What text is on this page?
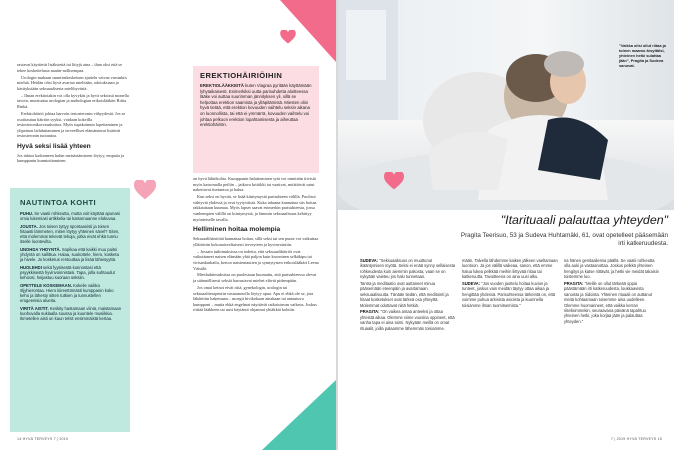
rastavat käyttävät lisäksiettä tai liityjä aina – ihan oksi että se tekee koskettelusta naatin-nollisempaa.

Urologin mukaan suuntiaskeskeinen ajattelu vaivaa varsinkin miehiä. Heidän olisi hyvä avartaa mielitään, odotuksiaan ja käsityksiään seksuaalisesta mielihyvästä.

– Ilman erektiotakin voi olla kyvykäs ja hyvä seksissä monella tavoin, muistuttaa urologian ja andrologian erikoislääkäri Riitta Rinkä.

Erektiohäiriö johtaa harvoin testosteronin vähyydestä. Jos se osoittautuu häiriön syyksi, voidaan kokeilla testosteronikorvaushoitoa. Myös tupakoinnin lopettaminen ja ylipainon laihduttaminen ja terveelliset elämäntavat lisäävät testosteronin tuotantoa.

Hyvä seksi lisää yhteen

Jos tahtoa kadonneen halun metsästämiseen löytyy, empatia ja kumppanin kunnioittaminen

NAUTINTOA KOHTI
PUHU. Se vaatii rohkeutta, mutta voit käyttää apunasi omia lukemiasi artikkelia tai katsomaanne elokuvaa.
JOUSTA. Jos toisen tyttyy spontaanisti ja toisen hitaasti lämmeten, miten löytyy yhteinen sävel? Siten, että molemmat tekevät tekoja, jotka eivät ehkä tunnu itselle luontevilta.
UNOHDA YHDYNTÄ. Sopikaa että kaikki muu paitsi yhdyntä on sallittua. Halaa, suukottele, hiero, kosketa ja hivele. Jo kosketus rentouttaa ja lisää läheisyyttä.
HUOLEHDI sekä fyysisestä kunnostasi että psyykkisestä hyvinvoinnistasi. Tapa, jolla suhtaudut kehoosi, heijastuu suoraan seksiin.
OPETTELE KOSKEMAAN. Kokeile vaikka öljyhierontaa. Hiero kiireettömästi kumppanin koko keho ja lähesty sitten tutkien ja tunnustellen erogeenisia alueita.
VIRITÄ AISTIT. Keskity hastamaan viiniä, maistamaan kuohuvalla suklaalla suussa ja kuuntele musiikkia. Ikmetellen aisti un kaun telsit ensimmäistä kertaa.
EREKTIOHÄIRIÖIHIN
EREKTIOLÄÄKKEITÄ kuten Viagraa pyritään käyttämään lyhytaikaisesti. Esimerkiksi uutta parisuhdetta aloitteessa lääke voi auttaa suurimman jännityksen yli, sillä se helpottaa erektion saamista ja ylläpitämistä. Miesten olisi hyvä tietää, että erektion kovuuden vaihtelu seksin aikana on luonnollista, tai että ei ymmärrä, kovuuden vaihtelu voi johtaa pelkoon erektion lopahtamisesta ja aiheuttaa erektiohäiriön.

on hyvä lähtökohta. Kumppanin halutteminen sytä voi nimittäin tiivistä myös katsomalla peiliin – jatkava kritiikki tai vaativat, mitätöivät satut nakertavat itsetuntoa ja halua.

Kun seksi on hyvää, se lisää kiintymystä parisuhteen välillä. Puolisot vähtyvät yhdessä ja ovat tyytyväisiä. Kuka tahansa kannattaa siis hoitaa rakkauttaan kuumaa. Myös lapset saavat esimerkin parisuhteesta, jossa vanhempien välillä on kiintymystä, ja lämmin seksuaalisuus kehittyy myönteiselle tavalla.

Helliminen hoitaa molempia

Seksuaalihäiriöitä kannattaa hoitaa, sillä seksi tai sen puute voi vaikuttaa yllättävän kokonaisvaltaisesti terveyteen ja hyvinvointiin.

– Jossain tutkimuksissa on todettu, että seksuaalihäiriöt ovat vaikuttaneet naisen elämään yhtä paljon kuin krooninen selkäkipu tai virtsankarkailu, kertoo naistentautien ja synnytysten erikoislääkäri Leena Väisälä.

Mieshuhtimuksissa on puolestaan huomattu, että parisuhteessa olevat ja säännöllisesti seksiä harrastavat miehet elävät pidempään.

Jos omat keinot eivät riitä, gynekologin, urologin tai seksuaaliterapeutin vastaanotolla löytyy apua. Apu ei ehkä ole se, jota lähdettiin hakemaan – moegit hivikokaan ainakaan tai antautuva kumppani – mutta ehkä engelmat näyttävät ratkaistuvan vaikeus. Joskus riittää lääkkeen tai uusi käytäntö ohjannut yhtäkkiä kohtiin.

14 HYVÄ TERVEYS 7 | 2019
"Vaikka olisi ollut riitaa ja toinen maamo ärsyttäisi, yhteinen hetki sulattaa jään", Pragita ja Sudeva sanovat.
"Itarituaali palauttaa yhteyden"
Pragita Teerisuo, 53 ja Sudeva Huhtamäki, 61, ovat opetelleet pääsemään irti katkeruudesta.

SUDEVA: "Seksuaalisuus on muuttunut ikääntymisen myötä. Seksi ei enää synny sellaisesta rohkeudesta kuin aiemmin pakosta, vaan se on nykyään vaieteu jos halu tunnetaan.

Tantra ja meditaatio ovat auttaneet minua pääsemään eteenpäin ja avartamaan seksuaalisuutta. Tänään tiedän, että meditointi ja hitaat kosketukset ovat tärkeä osa yhteyttä. Molemmat odottavat niitä hetkiä.

PRAGITA: "On vaikea antaa anteeksi ja ottaa yhteistä aikaa. Olemme viime vuosina oppineet, että vanha tapa ei aina toimi. Nykyään meillä on omat rituaalit, joilla palaamme lähemmäs toisiamme.

mään. Talvella lähdemme kaiken jälkeen vaeltamaan luontoon. Ja jos välillä vaikeaa, sanon, että emme halua lukea pelkkää meihin liittyvää riitaa tai katkeruutta. Tavoitteena on aina uusi alku.

SUDEVA: "Jos vuoden jaottelu hoitaa kuvion ja tunteet, joskus vain meidän täytyy ottaa aikaa ja hengittää yhdessä. Parisuhteessa tärkeintä on, että voimme puhua arkisista asioista ja kuunnella toisiamme ilman tuomitsemista."

na hänen genitaaliensa päällä. Se vaatii rohkeutta olla auki ja vastaanottaa. Joskus pelkkä yhteinen hengitys ja katse riittävät, ja hetki vie meidät takaisin toistemme luo.

PRAGITA: "Meille on ollut tärkeää oppia päästämään irti katkeruudesta, loukkaavista sanoista ja riidoista. Yhteinen rituaali on auttanut meitä kohtaamaan toisemme aina uudelleen. Olemme huomanneet, että vaikka kerran riitelisimmekin, seuraavana päivänä tapahtuu yhteinen hetki, joka korjaa jään ja palauttaa yhteyden."

7 | 2019 HYVÄ TERVEYS 15
